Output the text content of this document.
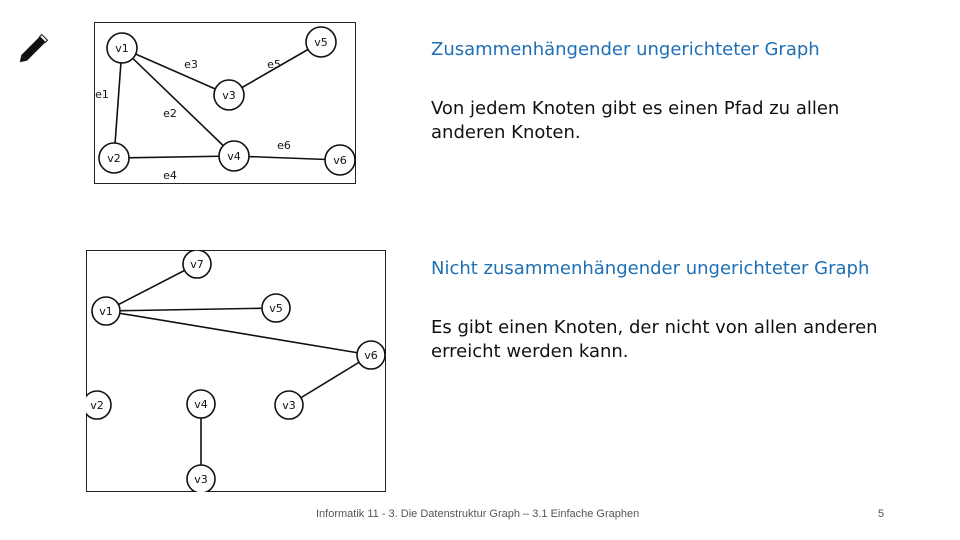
v1	v5
v3
v2	v4	v6
e1
e2
e3
e4
e5
e6
v7
v1	v5
v6
v2	v4	v3
v3
Zusammenhängender ungerichteter Graph
Von jedem Knoten gibt es einen Pfad zu allen anderen Knoten.
Nicht zusammenhängender ungerichteter Graph
Es gibt einen Knoten, der nicht von allen anderen erreicht werden kann.
Informatik 11 - 3. Die Datenstruktur Graph – 3.1 Einfache Graphen	5
